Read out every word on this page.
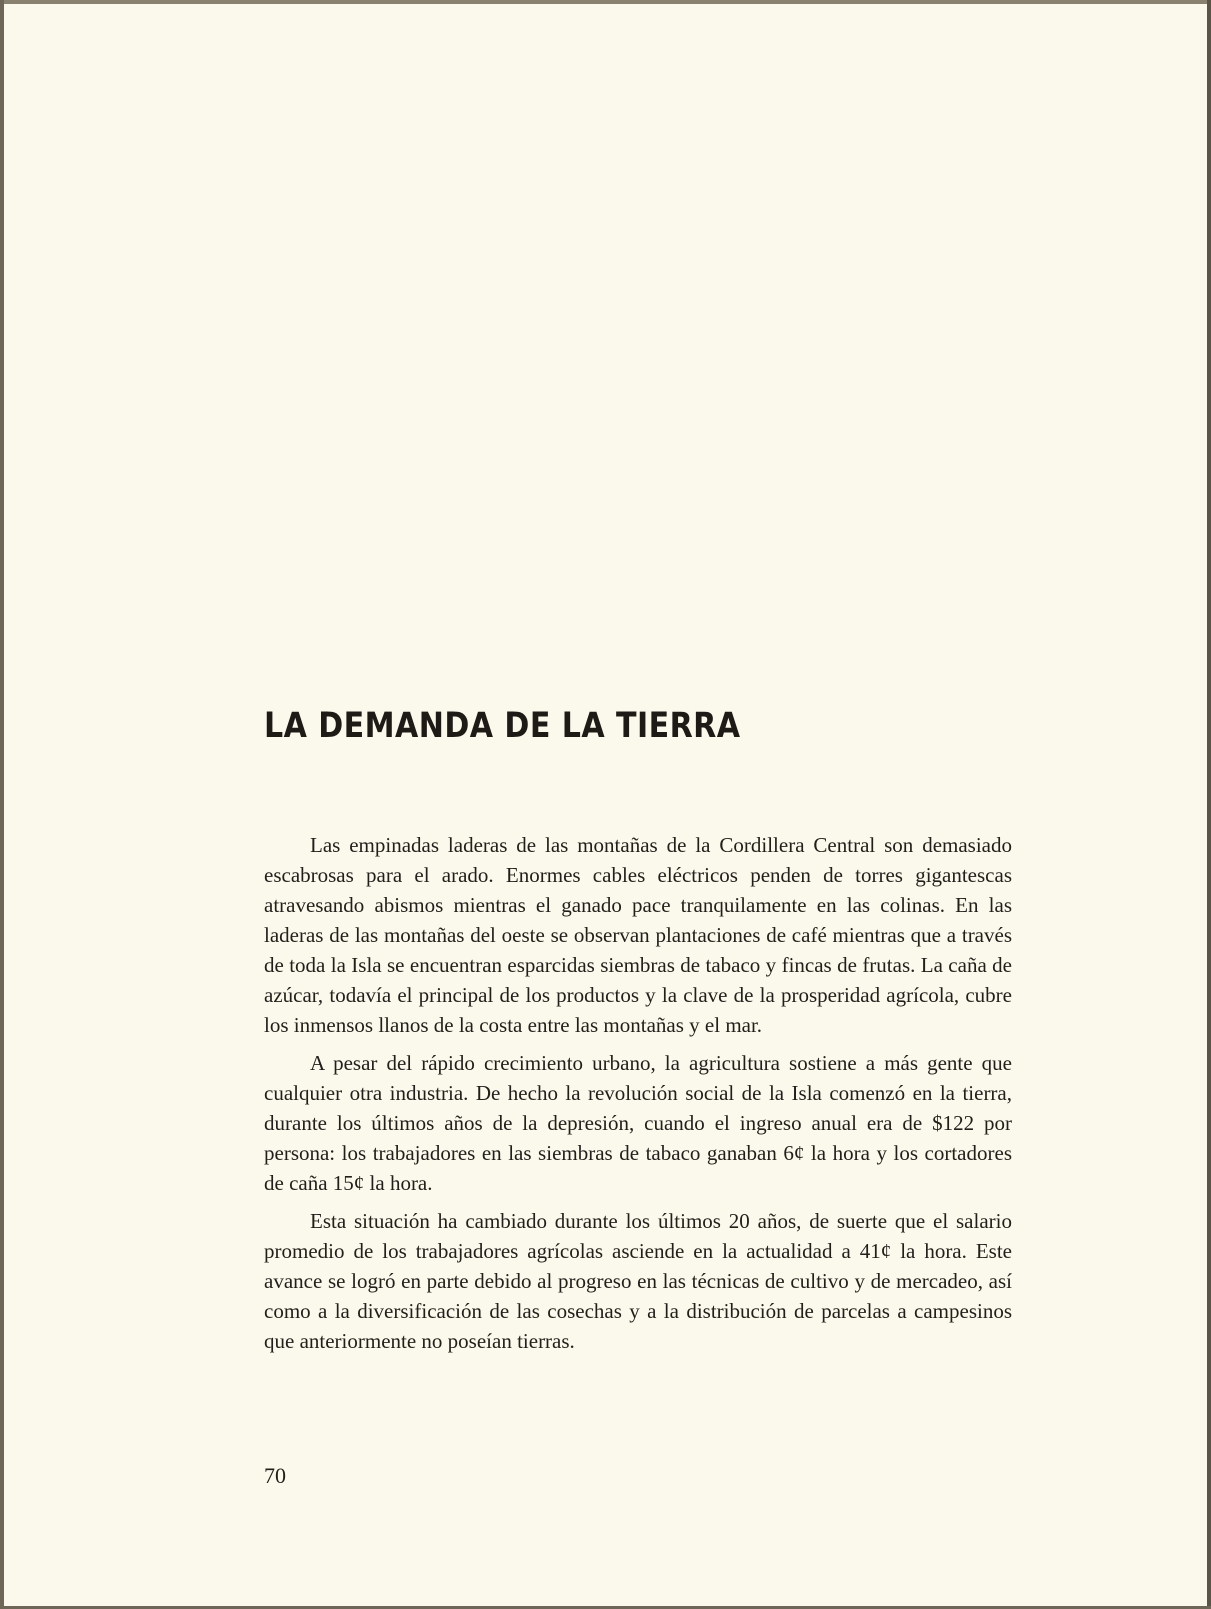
LA DEMANDA DE LA TIERRA

Las empinadas laderas de las montañas de la Cordillera Central son demasiado escabrosas para el arado. Enormes cables eléctricos penden de torres gigantescas atravesando abismos mientras el ganado pace tranquilamente en las colinas. En las laderas de las montañas del oeste se observan plantaciones de café mientras que a través de toda la Isla se encuentran esparcidas siembras de tabaco y fincas de frutas. La caña de azúcar, todavía el principal de los productos y la clave de la prosperidad agrícola, cubre los inmensos llanos de la costa entre las montañas y el mar.

A pesar del rápido crecimiento urbano, la agricultura sostiene a más gente que cualquier otra industria. De hecho la revolución social de la Isla comenzó en la tierra, durante los últimos años de la depresión, cuando el ingreso anual era de $122 por persona: los trabajadores en las siembras de tabaco ganaban 6¢ la hora y los cortadores de caña 15¢ la hora.

Esta situación ha cambiado durante los últimos 20 años, de suerte que el salario promedio de los trabajadores agrícolas asciende en la actualidad a 41¢ la hora. Este avance se logró en parte debido al progreso en las técnicas de cultivo y de mercadeo, así como a la diversificación de las cosechas y a la distribución de parcelas a campesinos que anteriormente no poseían tierras.

70
